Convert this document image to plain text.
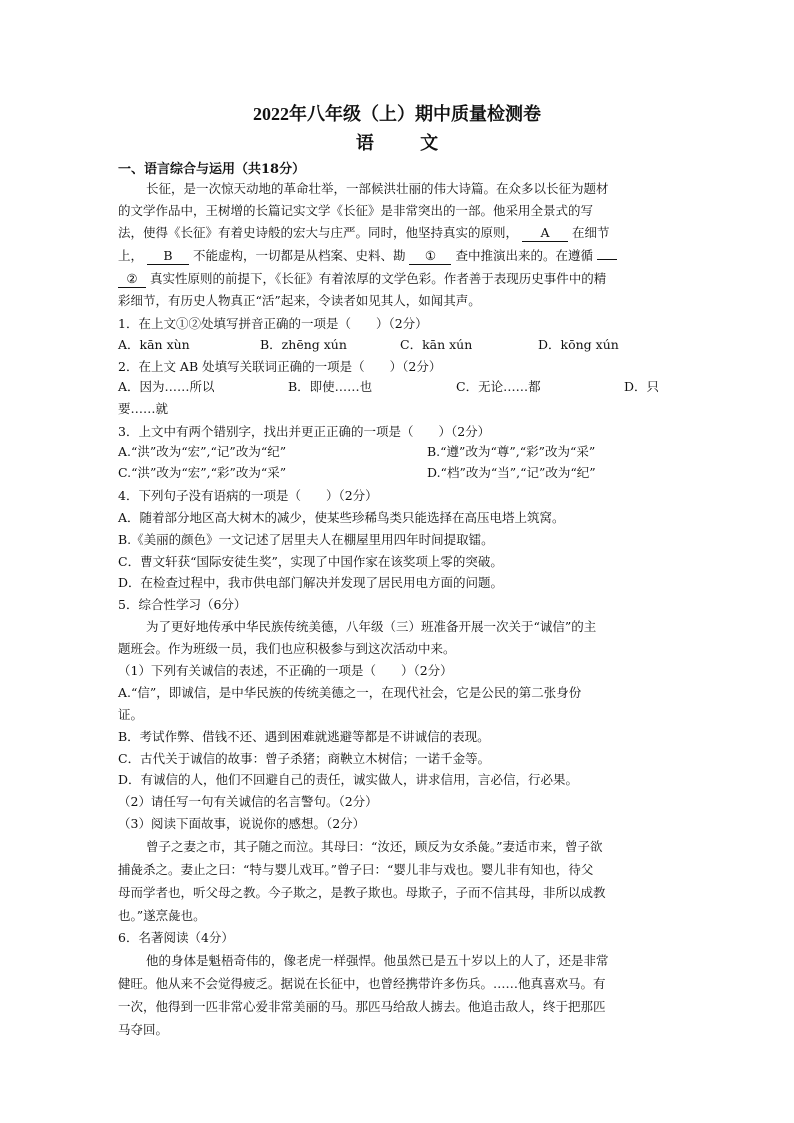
2022年八年级（上）期中质量检测卷
语 文
一、语言综合与运用（共18分）
长征，是一次惊天动地的革命壮举，一部候洪壮丽的伟大诗篇。在众多以长征为题材
的文学作品中，王树增的长篇记实文学《长征》是非常突出的一部。他采用全景式的写
法，使得《长征》有着史诗般的宏大与庄严。同时，他坚持真实的原则， A 在细节
上， B 不能虚构，一切都是从档案、史料、勘 ① 查中推演出来的。在遵循
② 真实性原则的前提下，《长征》有着浓厚的文学色彩。作者善于表现历史事件中的精
彩细节，有历史人物真正“活”起来，令读者如见其人，如闻其声。
1．在上文①②处填写拼音正确的一项是（　　）（2分）
A．kān xùn	B．zhēng xún	C．kān xún	D．kōng xún
2．在上文 AB 处填写关联词正确的一项是（　　）（2分）
A．因为……所以	B．即使……也	C．无论……都	D．只
要……就
3．上文中有两个错别字，找出并更正正确的一项是（　　）（2分）
A.“洪”改为“宏”,“记”改为“纪”	B.“遵”改为“尊”,“彩”改为“采”
C.“洪”改为“宏”,“彩”改为“采”	D.“档”改为“当”,“记”改为“纪”
4．下列句子没有语病的一项是（　　）（2分）
A．随着部分地区高大树木的减少，使某些珍稀鸟类只能选择在高压电塔上筑窝。
B.《美丽的颜色》一文记述了居里夫人在棚屋里用四年时间提取镭。
C．曹文轩获“国际安徒生奖”，实现了中国作家在该奖项上零的突破。
D．在检查过程中，我市供电部门解决并发现了居民用电方面的问题。
5．综合性学习（6分）
为了更好地传承中华民族传统美德，八年级（三）班准备开展一次关于“诚信”的主
题班会。作为班级一员，我们也应积极参与到这次活动中来。
（1）下列有关诚信的表述，不正确的一项是（　　）（2分）
A.“信”，即诚信，是中华民族的传统美德之一，在现代社会，它是公民的第二张身份
证。
B．考试作弊、借钱不还、遇到困难就逃避等都是不讲诚信的表现。
C．古代关于诚信的故事：曾子杀猪；商鞅立木树信；一诺千金等。
D．有诚信的人，他们不回避自己的责任，诚实做人，讲求信用，言必信，行必果。
（2）请任写一句有关诚信的名言警句。（2分）
（3）阅读下面故事，说说你的感想。（2分）
曾子之妻之市，其子随之而泣。其母曰：“汝还，顾反为女杀彘。”妻适市来，曾子欲
捕彘杀之。妻止之曰：“特与婴儿戏耳。”曾子曰：“婴儿非与戏也。婴儿非有知也，待父
母而学者也，听父母之教。今子欺之，是教子欺也。母欺子，子而不信其母，非所以成教
也。”遂烹彘也。
6．名著阅读（4分）
他的身体是魁梧奇伟的，像老虎一样强悍。他虽然已是五十岁以上的人了，还是非常
健旺。他从来不会觉得疲乏。据说在长征中，也曾经携带许多伤兵。……他真喜欢马。有
一次，他得到一匹非常心爱非常美丽的马。那匹马给敌人掳去。他追击敌人，终于把那匹
马夺回。
